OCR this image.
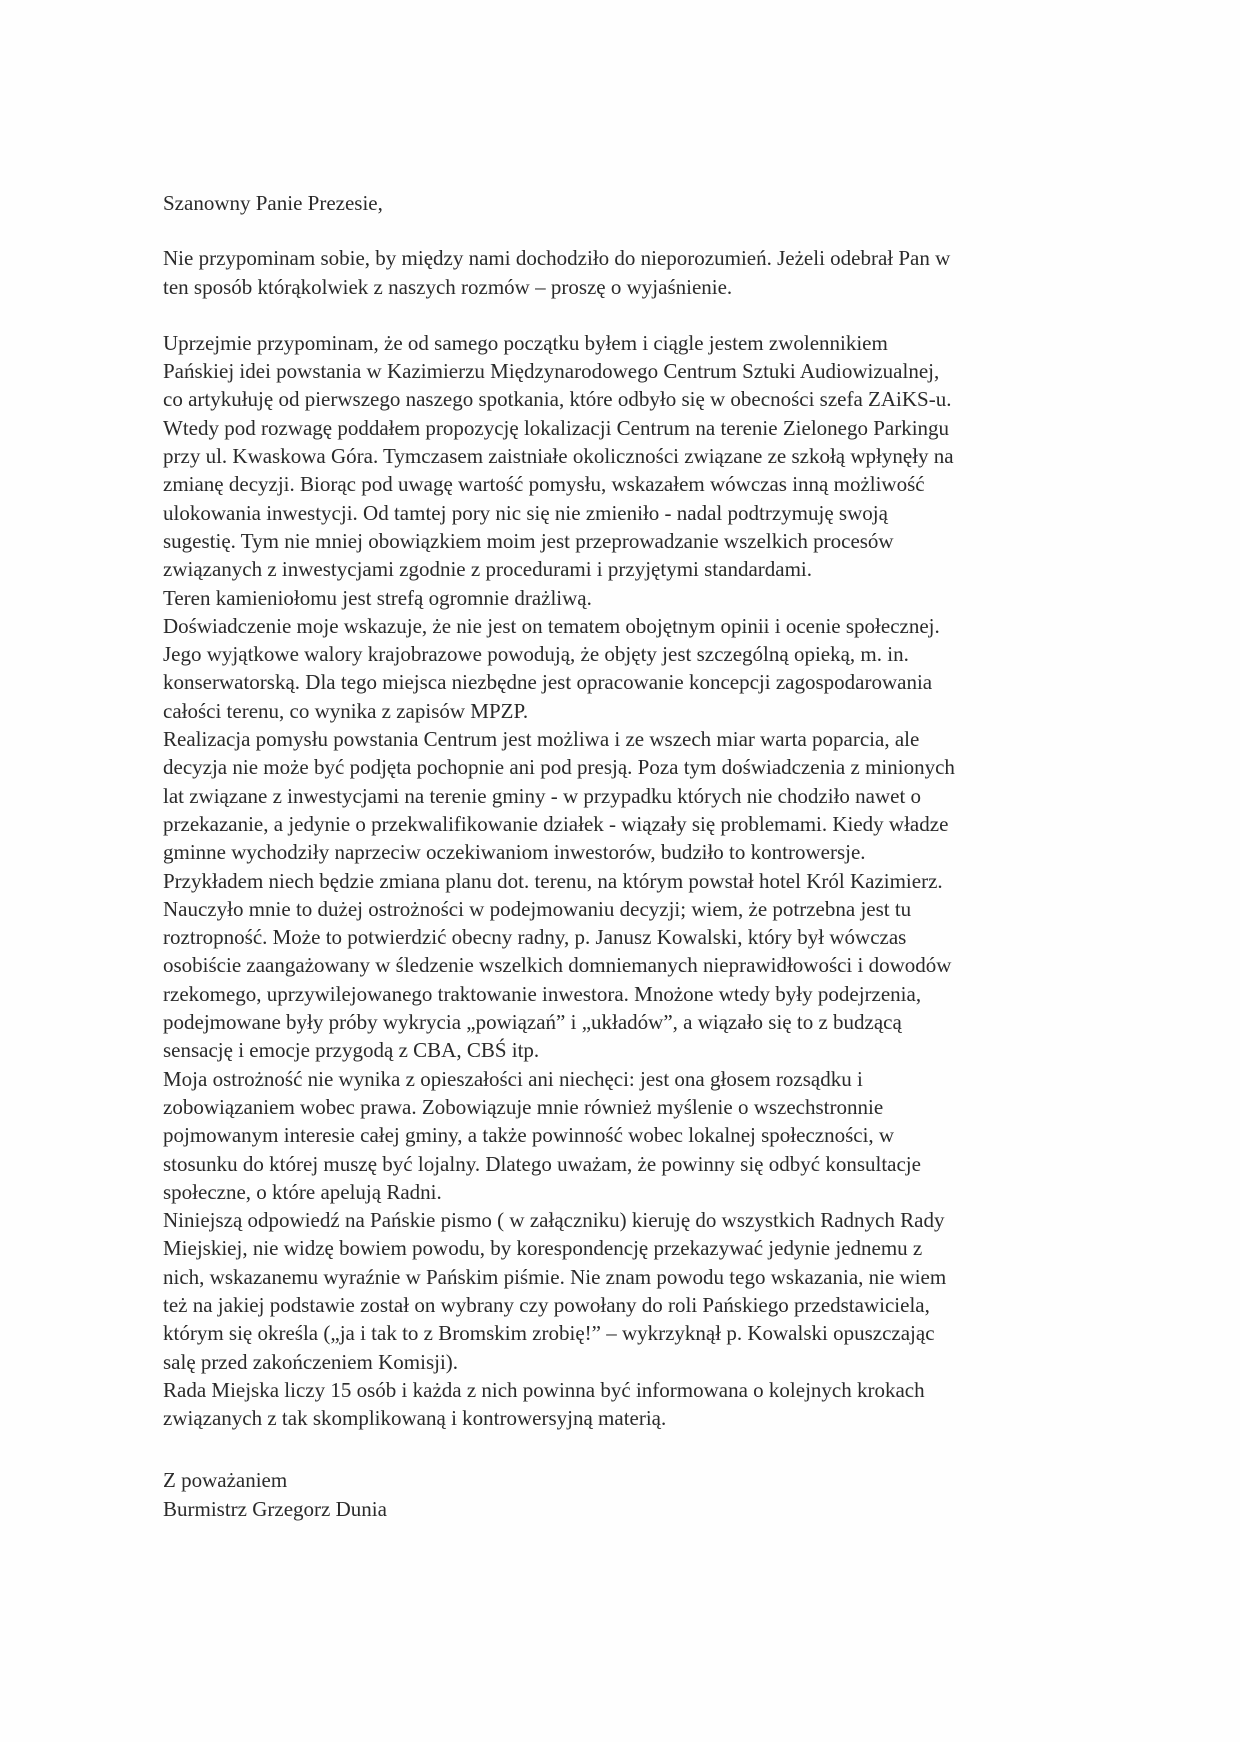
Szanowny Panie Prezesie,

Nie przypominam sobie, by między nami dochodziło do nieporozumień. Jeżeli odebrał Pan w
ten sposób którąkolwiek z naszych rozmów – proszę o wyjaśnienie.
Uprzejmie przypominam, że od samego początku byłem i ciągle jestem zwolennikiem
Pańskiej idei powstania w Kazimierzu Międzynarodowego Centrum Sztuki Audiowizualnej,
co artykułuję od pierwszego naszego spotkania, które odbyło się w obecności szefa ZAiKS-u.
Wtedy pod rozwagę poddałem propozycję lokalizacji Centrum na terenie Zielonego Parkingu
przy ul. Kwaskowa Góra. Tymczasem zaistniałe okoliczności związane ze szkołą wpłynęły na
zmianę decyzji. Biorąc pod uwagę wartość pomysłu, wskazałem wówczas inną możliwość
ulokowania inwestycji. Od tamtej pory nic się nie zmieniło - nadal podtrzymuję swoją
sugestię. Tym nie mniej obowiązkiem moim jest przeprowadzanie wszelkich procesów
związanych z inwestycjami zgodnie z procedurami i przyjętymi standardami.
Teren kamieniołomu jest strefą ogromnie drażliwą.
Doświadczenie moje wskazuje, że nie jest on tematem obojętnym opinii i ocenie społecznej.
Jego wyjątkowe walory krajobrazowe powodują, że objęty jest szczególną opieką, m. in.
konserwatorską. Dla tego miejsca niezbędne jest opracowanie koncepcji zagospodarowania
całości terenu, co wynika z zapisów MPZP.
Realizacja pomysłu powstania Centrum jest możliwa i ze wszech miar warta poparcia, ale
decyzja nie może być podjęta pochopnie ani pod presją. Poza tym doświadczenia z minionych
lat związane z inwestycjami na terenie gminy - w przypadku których nie chodziło nawet o
przekazanie, a jedynie o przekwalifikowanie działek - wiązały się problemami. Kiedy władze
gminne wychodziły naprzeciw oczekiwaniom inwestorów, budziło to kontrowersje.
Przykładem niech będzie zmiana planu dot. terenu, na którym powstał hotel Król Kazimierz.
Nauczyło mnie to dużej ostrożności w podejmowaniu decyzji; wiem, że potrzebna jest tu
roztropność. Może to potwierdzić obecny radny, p. Janusz Kowalski, który był wówczas
osobiście zaangażowany w śledzenie wszelkich domniemanych nieprawidłowości i dowodów
rzekomego, uprzywilejowanego traktowanie inwestora. Mnożone wtedy były podejrzenia,
podejmowane były próby wykrycia „powiązań” i „układów”, a wiązało się to z budzącą
sensację i emocje przygodą z CBA, CBŚ itp.
Moja ostrożność nie wynika z opieszałości ani niechęci: jest ona głosem rozsądku i
zobowiązaniem wobec prawa. Zobowiązuje mnie również myślenie o wszechstronnie
pojmowanym interesie całej gminy, a także powinność wobec lokalnej społeczności, w
stosunku do której muszę być lojalny. Dlatego uważam, że powinny się odbyć konsultacje
społeczne, o które apelują Radni.
Niniejszą odpowiedź na Pańskie pismo ( w załączniku) kieruję do wszystkich Radnych Rady
Miejskiej, nie widzę bowiem powodu, by korespondencję przekazywać jedynie jednemu z
nich, wskazanemu wyraźnie w Pańskim piśmie. Nie znam powodu tego wskazania, nie wiem
też na jakiej podstawie został on wybrany czy powołany do roli Pańskiego przedstawiciela,
którym się określa („ja i tak to z Bromskim zrobię!” – wykrzyknął p. Kowalski opuszczając
salę przed zakończeniem Komisji).
Rada Miejska liczy 15 osób i każda z nich powinna być informowana o kolejnych krokach
związanych z tak skomplikowaną i kontrowersyjną materią.
Z poważaniem
Burmistrz Grzegorz Dunia
